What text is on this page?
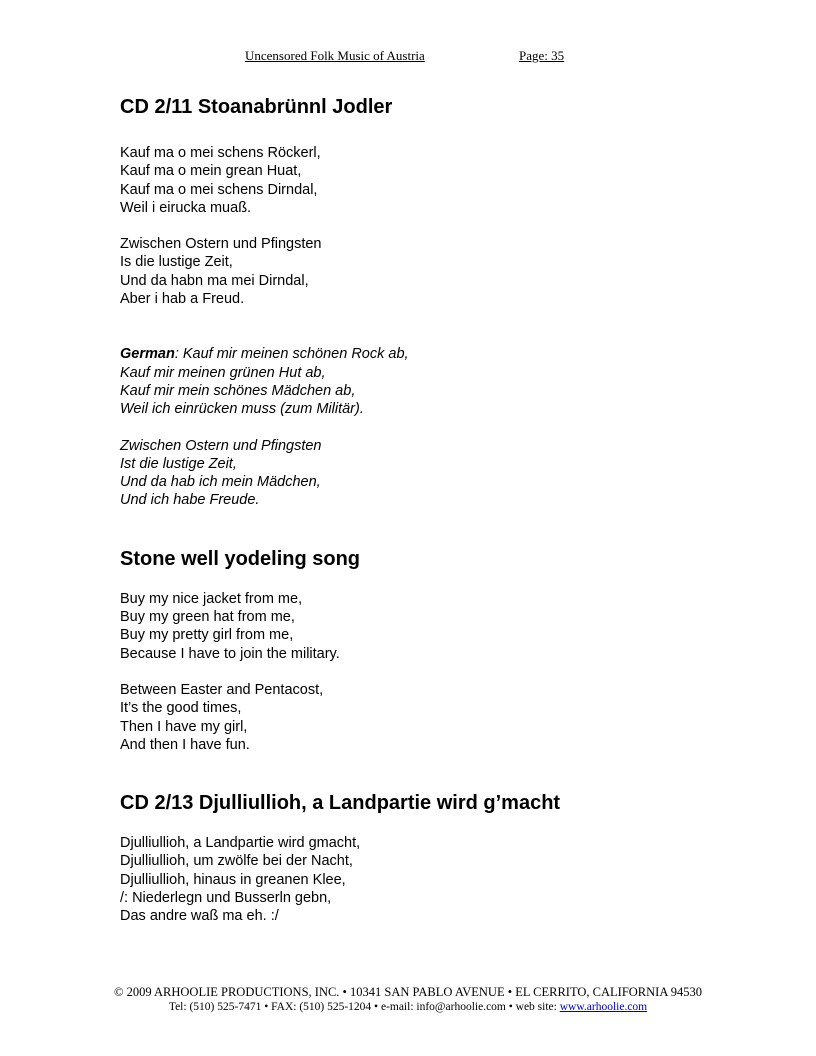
Uncensored Folk Music of Austria	Page: 35
CD 2/11 Stoanabrünnl Jodler
Kauf ma o mei schens Röckerl,
Kauf ma o mein grean Huat,
Kauf ma o mei schens Dirndal,
Weil i eirucka muaß.
Zwischen Ostern und Pfingsten
Is die lustige Zeit,
Und da habn ma mei Dirndal,
Aber i hab a Freud.
German: Kauf mir meinen schönen Rock ab,
Kauf mir meinen grünen Hut ab,
Kauf mir mein schönes Mädchen ab,
Weil ich einrücken muss (zum Militär).
Zwischen Ostern und Pfingsten
Ist die lustige Zeit,
Und da hab ich mein Mädchen,
Und ich habe Freude.
Stone well yodeling song
Buy my nice jacket from me,
Buy my green hat from me,
Buy my pretty girl from me,
Because I have to join the military.
Between Easter and Pentacost,
It’s the good times,
Then I have my girl,
And then I have fun.
CD 2/13 Djulliullioh, a Landpartie wird g’macht
Djulliullioh, a Landpartie wird gmacht,
Djulliullioh, um zwölfe bei der Nacht,
Djulliullioh, hinaus in greanen Klee,
/: Niederlegn und Busserln gebn,
Das andre waß ma eh. :/
© 2009 ARHOOLIE PRODUCTIONS, INC. • 10341 SAN PABLO AVENUE • EL CERRITO, CALIFORNIA 94530
Tel: (510) 525-7471 • FAX: (510) 525-1204 • e-mail: info@arhoolie.com • web site: www.arhoolie.com
